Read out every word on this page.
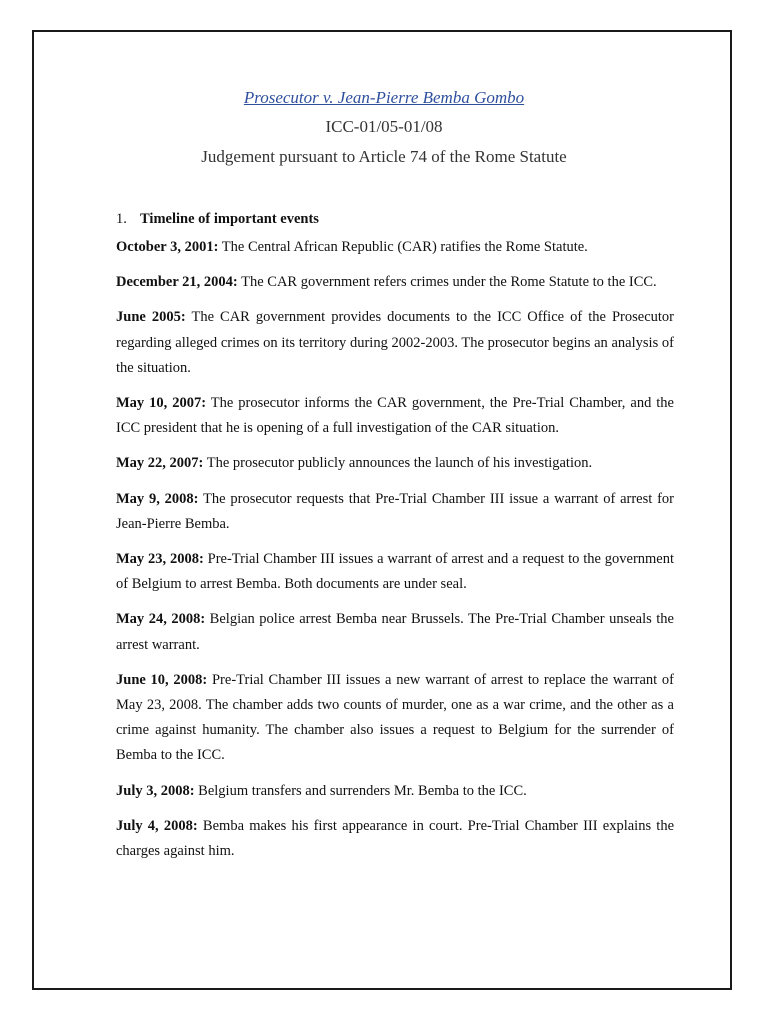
Prosecutor v. Jean-Pierre Bemba Gombo
ICC-01/05-01/08
Judgement pursuant to Article 74 of the Rome Statute
1. Timeline of important events

October 3, 2001: The Central African Republic (CAR) ratifies the Rome Statute.

December 21, 2004: The CAR government refers crimes under the Rome Statute to the ICC.

June 2005: The CAR government provides documents to the ICC Office of the Prosecutor regarding alleged crimes on its territory during 2002-2003. The prosecutor begins an analysis of the situation.

May 10, 2007: The prosecutor informs the CAR government, the Pre-Trial Chamber, and the ICC president that he is opening of a full investigation of the CAR situation.

May 22, 2007: The prosecutor publicly announces the launch of his investigation.

May 9, 2008: The prosecutor requests that Pre-Trial Chamber III issue a warrant of arrest for Jean-Pierre Bemba.

May 23, 2008: Pre-Trial Chamber III issues a warrant of arrest and a request to the government of Belgium to arrest Bemba. Both documents are under seal.

May 24, 2008: Belgian police arrest Bemba near Brussels. The Pre-Trial Chamber unseals the arrest warrant.

June 10, 2008: Pre-Trial Chamber III issues a new warrant of arrest to replace the warrant of May 23, 2008. The chamber adds two counts of murder, one as a war crime, and the other as a crime against humanity. The chamber also issues a request to Belgium for the surrender of Bemba to the ICC.

July 3, 2008: Belgium transfers and surrenders Mr. Bemba to the ICC.

July 4, 2008: Bemba makes his first appearance in court. Pre-Trial Chamber III explains the charges against him.
